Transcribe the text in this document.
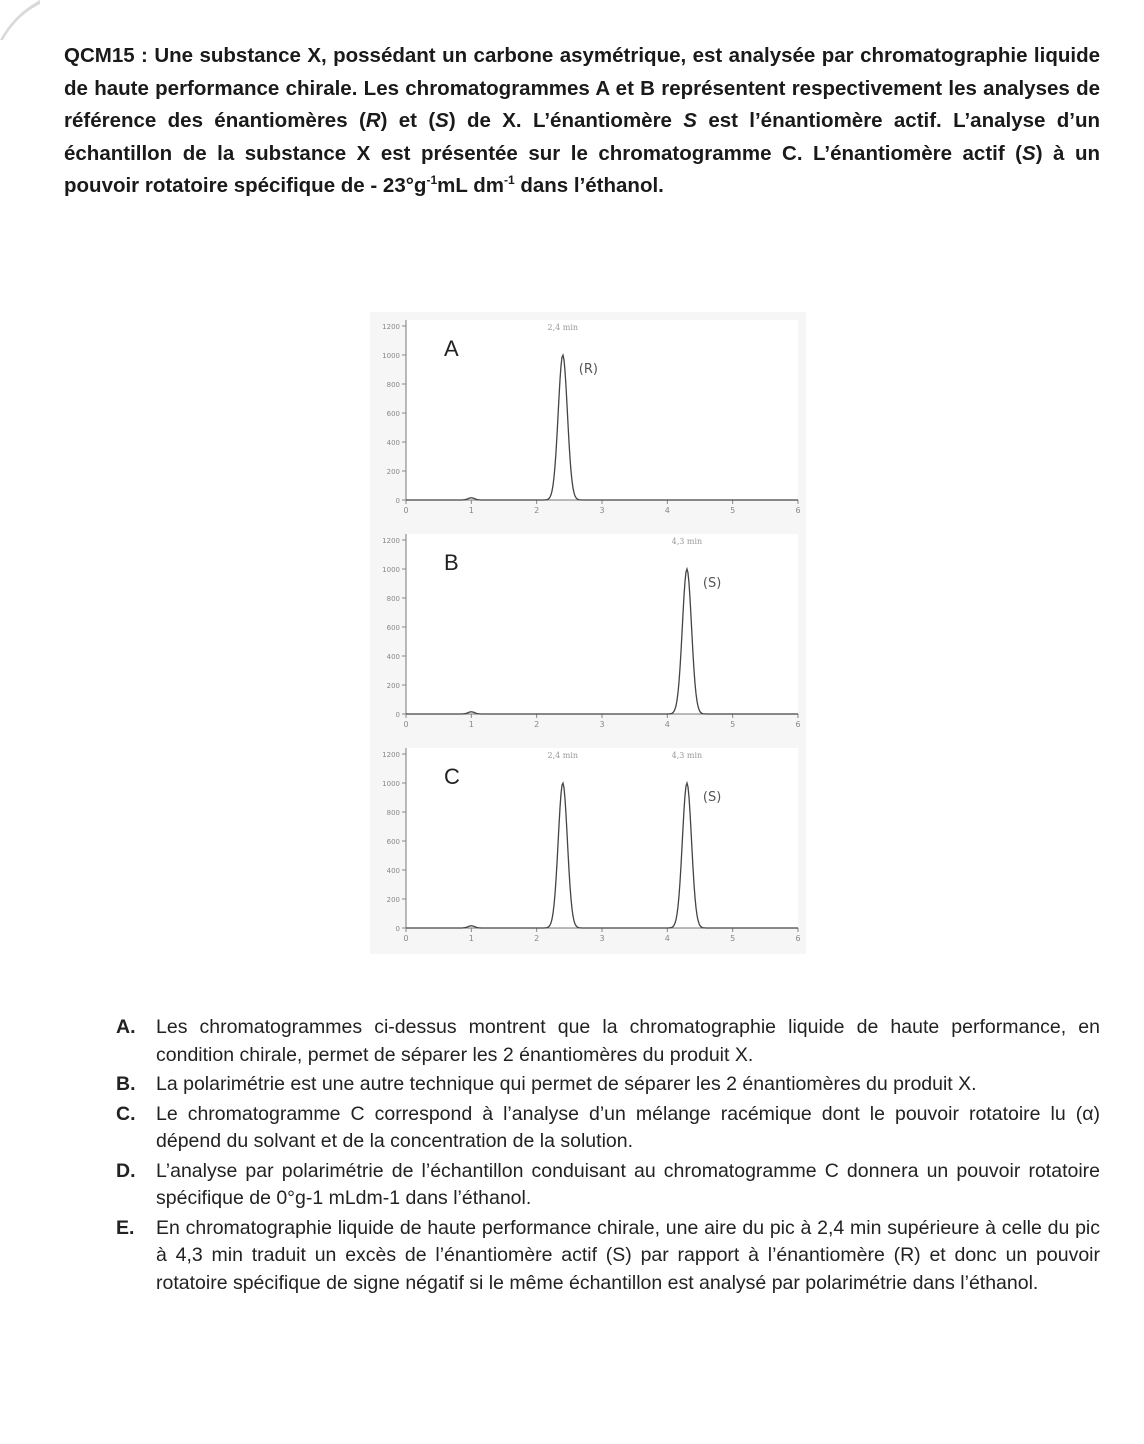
QCM15 : Une substance X, possédant un carbone asymétrique, est analysée par chromatographie liquide de haute performance chirale. Les chromatogrammes A et B représentent respectivement les analyses de référence des énantiomères (R) et (S) de X. L’énantiomère S est l’énantiomère actif. L’analyse d’un échantillon de la substance X est présentée sur le chromatogramme C. L’énantiomère actif (S) à un pouvoir rotatoire spécifique de - $23^\circ g^{-1}mL$ $dm^{-1}$ dans l’éthanol.

0
200
400
600
800
1000
1200
0	1	2	3	4	5	6
A
2,4 min
(R)
0
200
400
600
800
1000
1200
0	1	2	3	4	5	6
B
4,3 min
(S)
0
200
400
600
800
1000
1200
0	1	2	3	4	5	6
C
2,4 min	4,3 min
(S)
A. Les chromatogrammes ci-dessus montrent que la chromatographie liquide de haute performance, en condition chirale, permet de séparer les 2 énantiomères du produit X.
B. La polarimétrie est une autre technique qui permet de séparer les 2 énantiomères du produit X.
C. Le chromatogramme C correspond à l’analyse d’un mélange racémique dont le pouvoir rotatoire lu (α) dépend du solvant et de la concentration de la solution.
D. L’analyse par polarimétrie de l’échantillon conduisant au chromatogramme C donnera un pouvoir rotatoire spécifique de 0°g-1 mLdm-1 dans l’éthanol.
E. En chromatographie liquide de haute performance chirale, une aire du pic à 2,4 min supérieure à celle du pic à 4,3 min traduit un excès de l’énantiomère actif (S) par rapport à l’énantiomère (R) et donc un pouvoir rotatoire spécifique de signe négatif si le même échantillon est analysé par polarimétrie dans l’éthanol.
